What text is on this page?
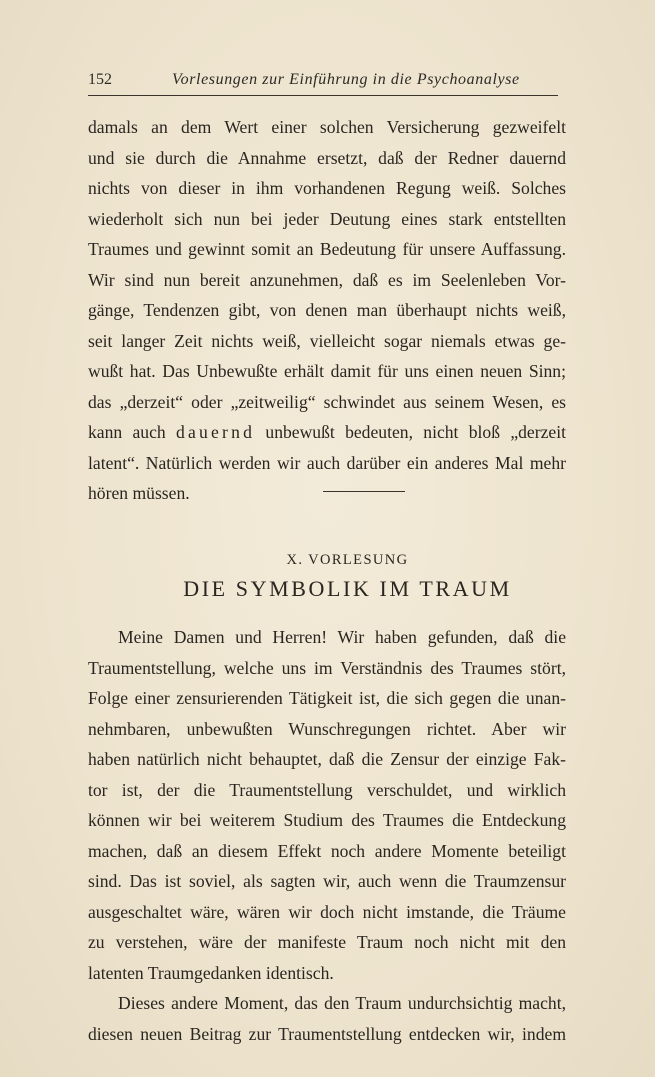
152	Vorlesungen zur Einführung in die Psychoanalyse
damals an dem Wert einer solchen Versicherung gezweifelt
und sie durch die Annahme ersetzt, daß der Redner dauernd
nichts von dieser in ihm vorhandenen Regung weiß. Solches
wiederholt sich nun bei jeder Deutung eines stark entstellten
Traumes und gewinnt somit an Bedeutung für unsere Auffassung.
Wir sind nun bereit anzunehmen, daß es im Seelenleben Vor-
gänge, Tendenzen gibt, von denen man überhaupt nichts weiß,
seit langer Zeit nichts weiß, vielleicht sogar niemals etwas ge-
wußt hat. Das Unbewußte erhält damit für uns einen neuen Sinn;
das „derzeit“ oder „zeitweilig“ schwindet aus seinem Wesen, es
kann auch dauernd unbewußt bedeuten, nicht bloß „derzeit
latent“. Natürlich werden wir auch darüber ein anderes Mal mehr
hören müssen.
X. VORLESUNG
DIE SYMBOLIK IM TRAUM
Meine Damen und Herren! Wir haben gefunden, daß die
Traumentstellung, welche uns im Verständnis des Traumes stört,
Folge einer zensurierenden Tätigkeit ist, die sich gegen die unan-
nehmbaren, unbewußten Wunschregungen richtet. Aber wir
haben natürlich nicht behauptet, daß die Zensur der einzige Fak-
tor ist, der die Traumentstellung verschuldet, und wirklich
können wir bei weiterem Studium des Traumes die Entdeckung
machen, daß an diesem Effekt noch andere Momente beteiligt
sind. Das ist soviel, als sagten wir, auch wenn die Traumzensur
ausgeschaltet wäre, wären wir doch nicht imstande, die Träume
zu verstehen, wäre der manifeste Traum noch nicht mit den
latenten Traumgedanken identisch.
Dieses andere Moment, das den Traum undurchsichtig macht,
diesen neuen Beitrag zur Traumentstellung entdecken wir, indem
